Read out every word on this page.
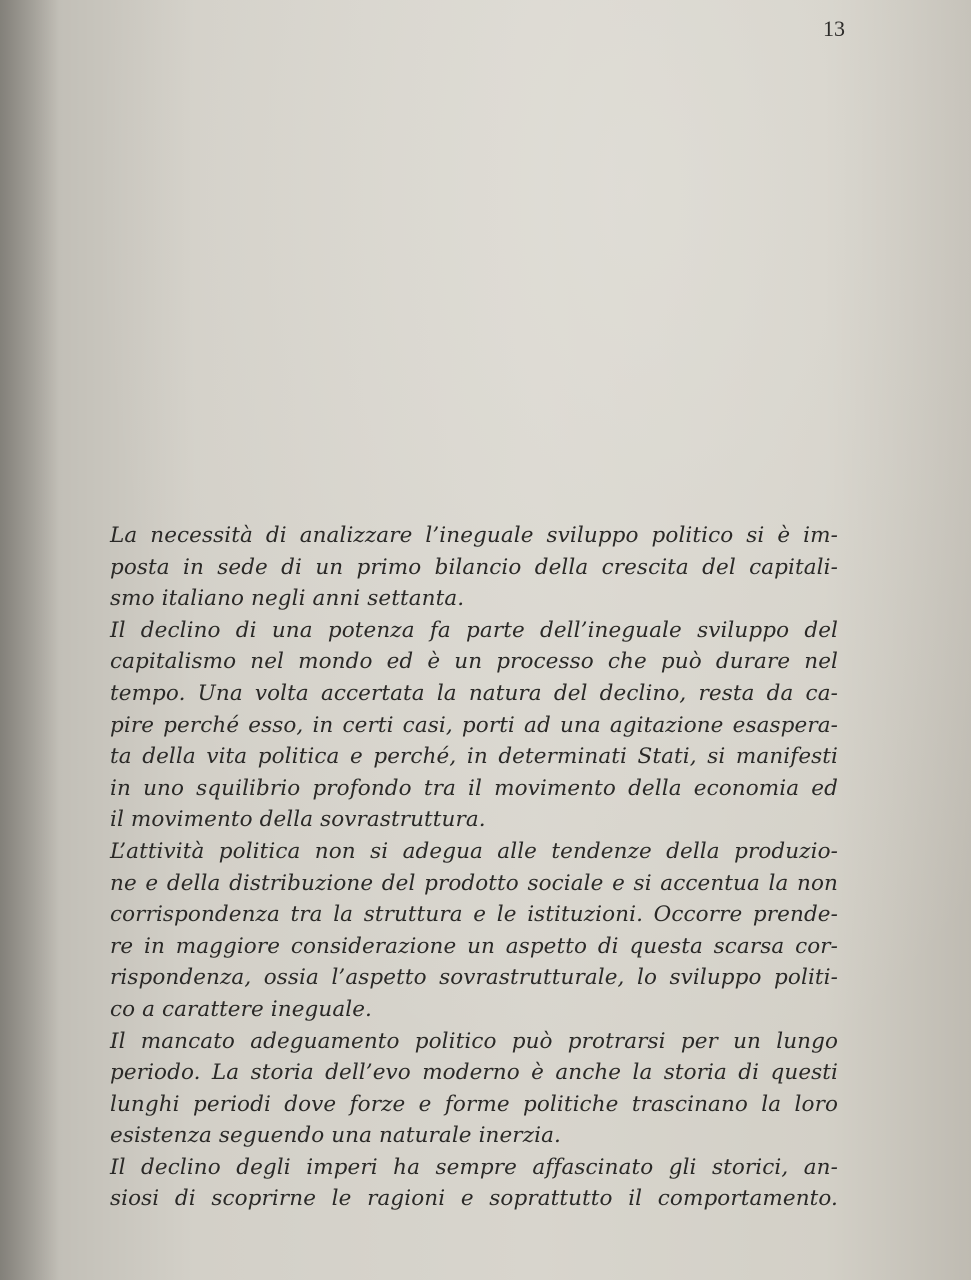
13

La necessità di analizzare l’ineguale sviluppo politico si è im-
posta in sede di un primo bilancio della crescita del capitali-
smo italiano negli anni settanta.

Il declino di una potenza fa parte dell’ineguale sviluppo del
capitalismo nel mondo ed è un processo che può durare nel
tempo. Una volta accertata la natura del declino, resta da ca-
pire perché esso, in certi casi, porti ad una agitazione esaspera-
ta della vita politica e perché, in determinati Stati, si manifesti
in uno squilibrio profondo tra il movimento della economia ed
il movimento della sovrastruttura.

L’attività politica non si adegua alle tendenze della produzio-
ne e della distribuzione del prodotto sociale e si accentua la non
corrispondenza tra la struttura e le istituzioni. Occorre prende-
re in maggiore considerazione un aspetto di questa scarsa cor-
rispondenza, ossia l’aspetto sovrastrutturale, lo sviluppo politi-
co a carattere ineguale.

Il mancato adeguamento politico può protrarsi per un lungo
periodo. La storia dell’evo moderno è anche la storia di questi
lunghi periodi dove forze e forme politiche trascinano la loro
esistenza seguendo una naturale inerzia.

Il declino degli imperi ha sempre affascinato gli storici, an-
siosi di scoprirne le ragioni e soprattutto il comportamento.
